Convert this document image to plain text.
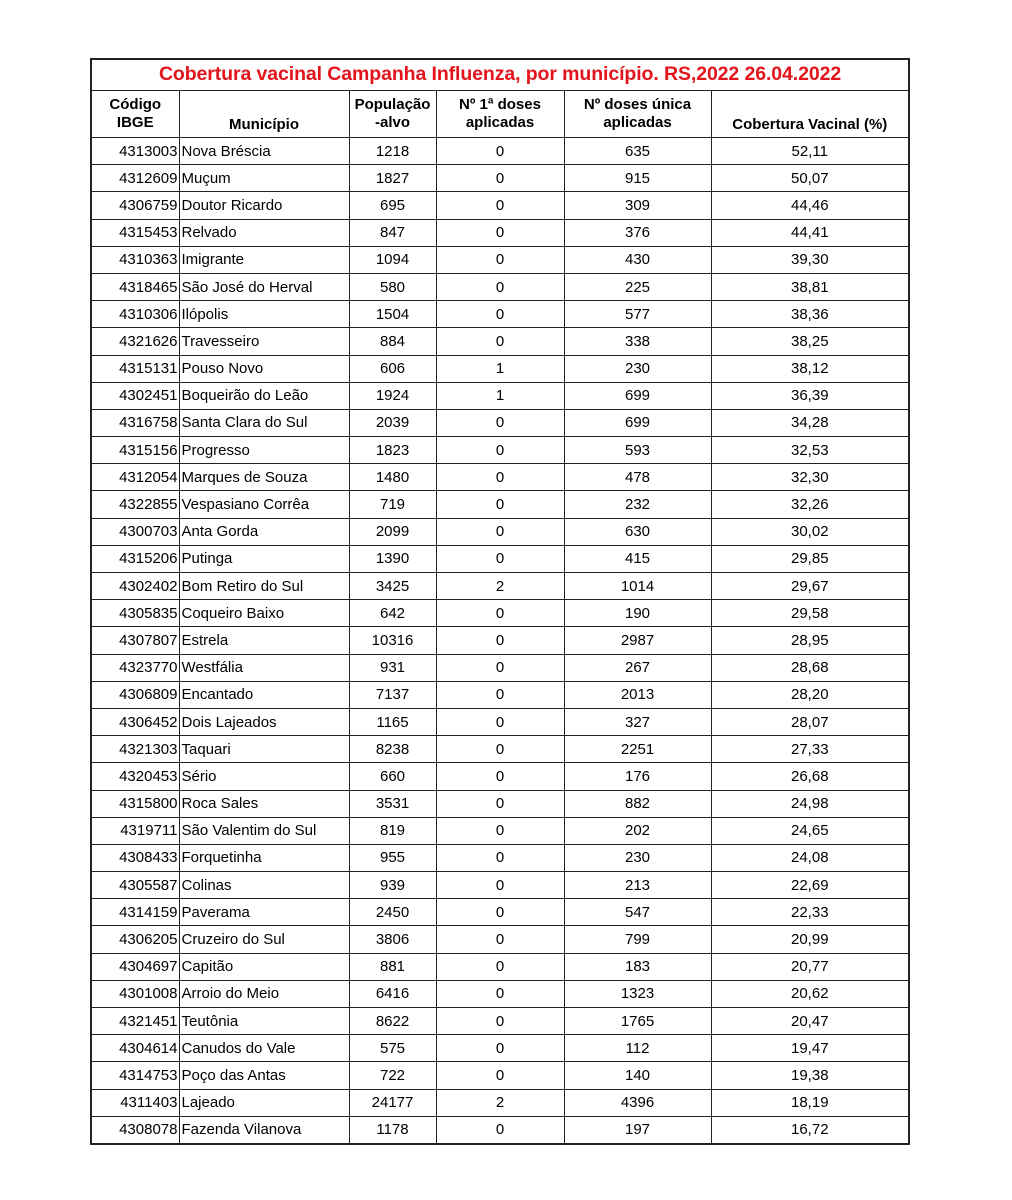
Cobertura vacinal Campanha Influenza, por município. RS,2022 26.04.2022					
Código IBGE	Município	População -alvo	Nº 1ª doses aplicadas	Nº doses única aplicadas	Cobertura Vacinal (%)
4313003	Nova Bréscia	1218	0	635	52,11
4312609	Muçum	1827	0	915	50,07
4306759	Doutor Ricardo	695	0	309	44,46
4315453	Relvado	847	0	376	44,41
4310363	Imigrante	1094	0	430	39,30
4318465	São José do Herval	580	0	225	38,81
4310306	Ilópolis	1504	0	577	38,36
4321626	Travesseiro	884	0	338	38,25
4315131	Pouso Novo	606	1	230	38,12
4302451	Boqueirão do Leão	1924	1	699	36,39
4316758	Santa Clara do Sul	2039	0	699	34,28
4315156	Progresso	1823	0	593	32,53
4312054	Marques de Souza	1480	0	478	32,30
4322855	Vespasiano Corrêa	719	0	232	32,26
4300703	Anta Gorda	2099	0	630	30,02
4315206	Putinga	1390	0	415	29,85
4302402	Bom Retiro do Sul	3425	2	1014	29,67
4305835	Coqueiro Baixo	642	0	190	29,58
4307807	Estrela	10316	0	2987	28,95
4323770	Westfália	931	0	267	28,68
4306809	Encantado	7137	0	2013	28,20
4306452	Dois Lajeados	1165	0	327	28,07
4321303	Taquari	8238	0	2251	27,33
4320453	Sério	660	0	176	26,68
4315800	Roca Sales	3531	0	882	24,98
4319711	São Valentim do Sul	819	0	202	24,65
4308433	Forquetinha	955	0	230	24,08
4305587	Colinas	939	0	213	22,69
4314159	Paverama	2450	0	547	22,33
4306205	Cruzeiro do Sul	3806	0	799	20,99
4304697	Capitão	881	0	183	20,77
4301008	Arroio do Meio	6416	0	1323	20,62
4321451	Teutônia	8622	0	1765	20,47
4304614	Canudos do Vale	575	0	112	19,47
4314753	Poço das Antas	722	0	140	19,38
4311403	Lajeado	24177	2	4396	18,19
4308078	Fazenda Vilanova	1178	0	197	16,72
